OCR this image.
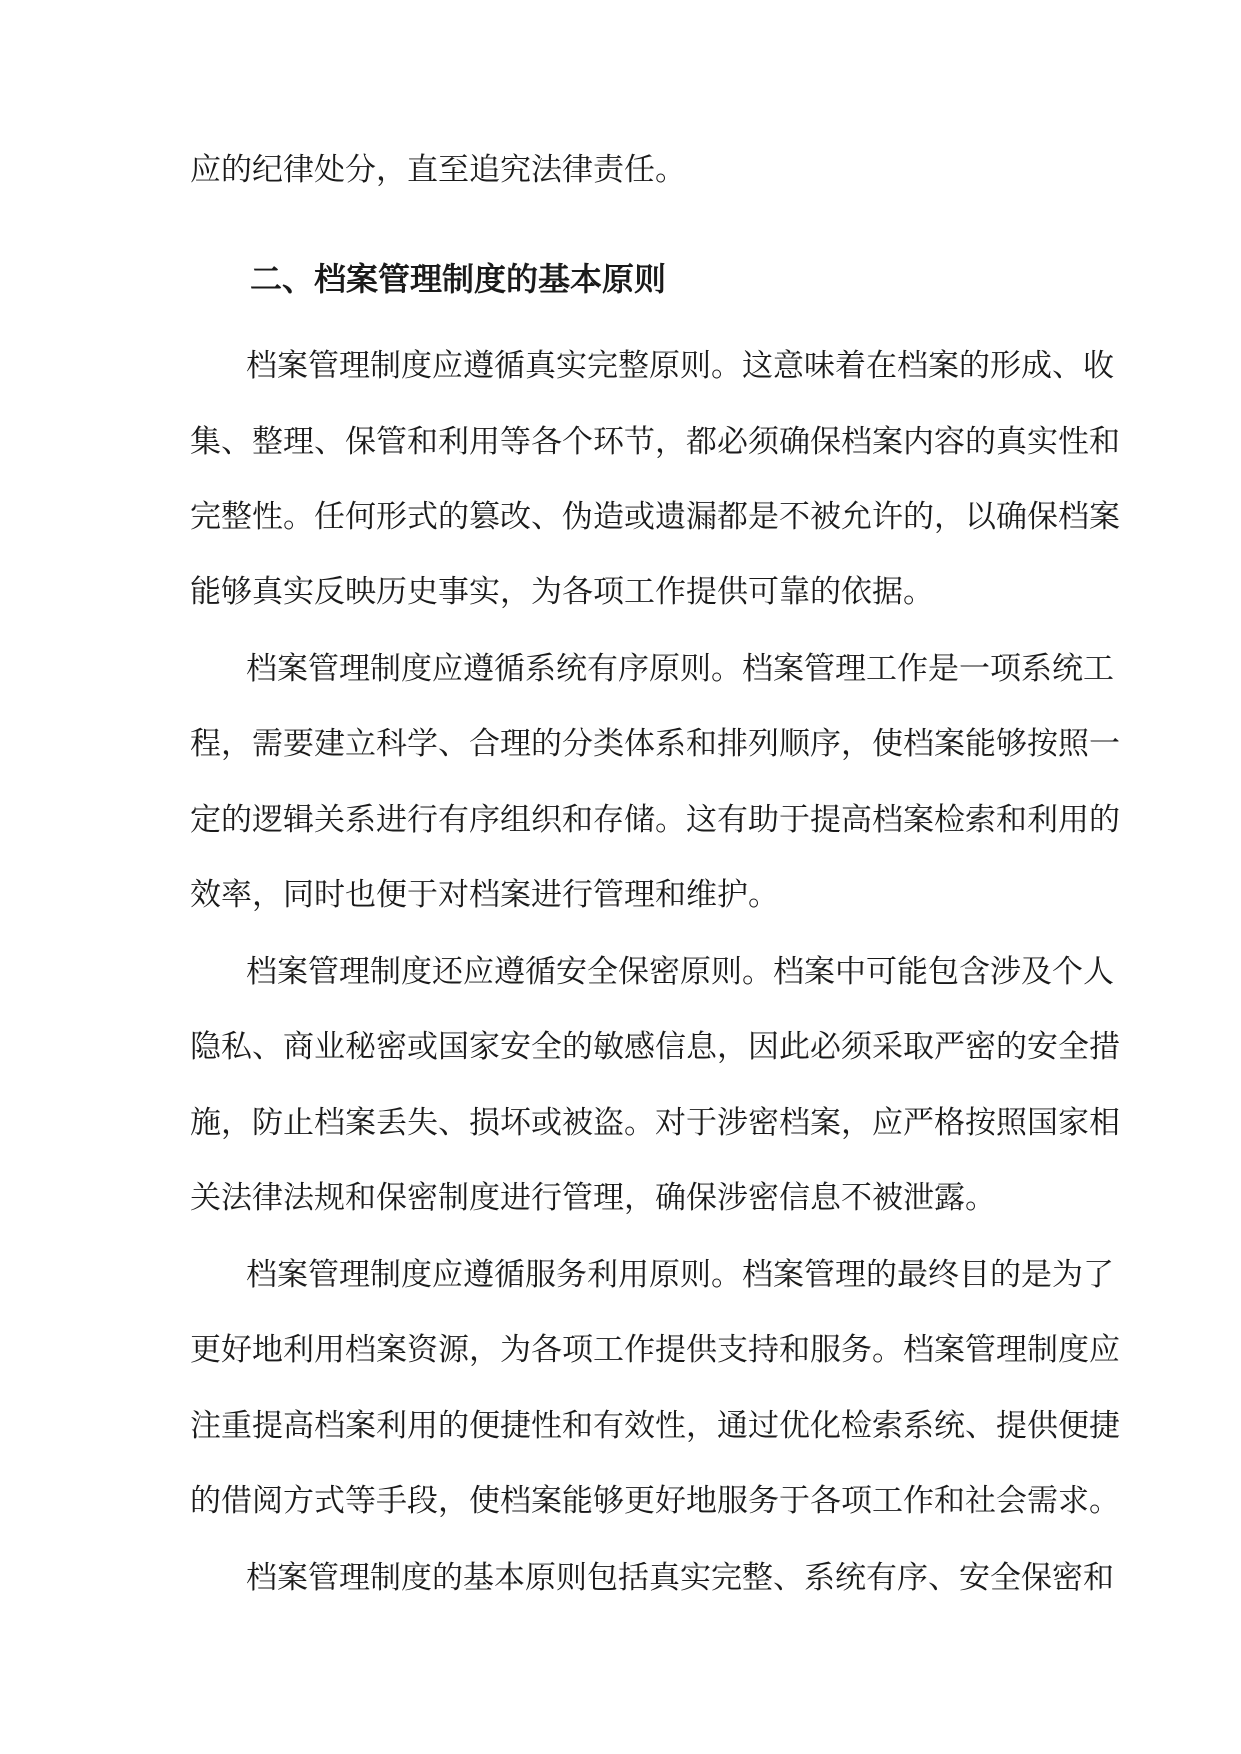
应的纪律处分，直至追究法律责任。
二、档案管理制度的基本原则
档案管理制度应遵循真实完整原则。这意味着在档案的形成、收
集、整理、保管和利用等各个环节，都必须确保档案内容的真实性和
完整性。任何形式的篡改、伪造或遗漏都是不被允许的，以确保档案
能够真实反映历史事实，为各项工作提供可靠的依据。
档案管理制度应遵循系统有序原则。档案管理工作是一项系统工
程，需要建立科学、合理的分类体系和排列顺序，使档案能够按照一
定的逻辑关系进行有序组织和存储。这有助于提高档案检索和利用的
效率，同时也便于对档案进行管理和维护。
档案管理制度还应遵循安全保密原则。档案中可能包含涉及个人
隐私、商业秘密或国家安全的敏感信息，因此必须采取严密的安全措
施，防止档案丢失、损坏或被盗。对于涉密档案，应严格按照国家相
关法律法规和保密制度进行管理，确保涉密信息不被泄露。
档案管理制度应遵循服务利用原则。档案管理的最终目的是为了
更好地利用档案资源，为各项工作提供支持和服务。档案管理制度应
注重提高档案利用的便捷性和有效性，通过优化检索系统、提供便捷
的借阅方式等手段，使档案能够更好地服务于各项工作和社会需求。
档案管理制度的基本原则包括真实完整、系统有序、安全保密和
